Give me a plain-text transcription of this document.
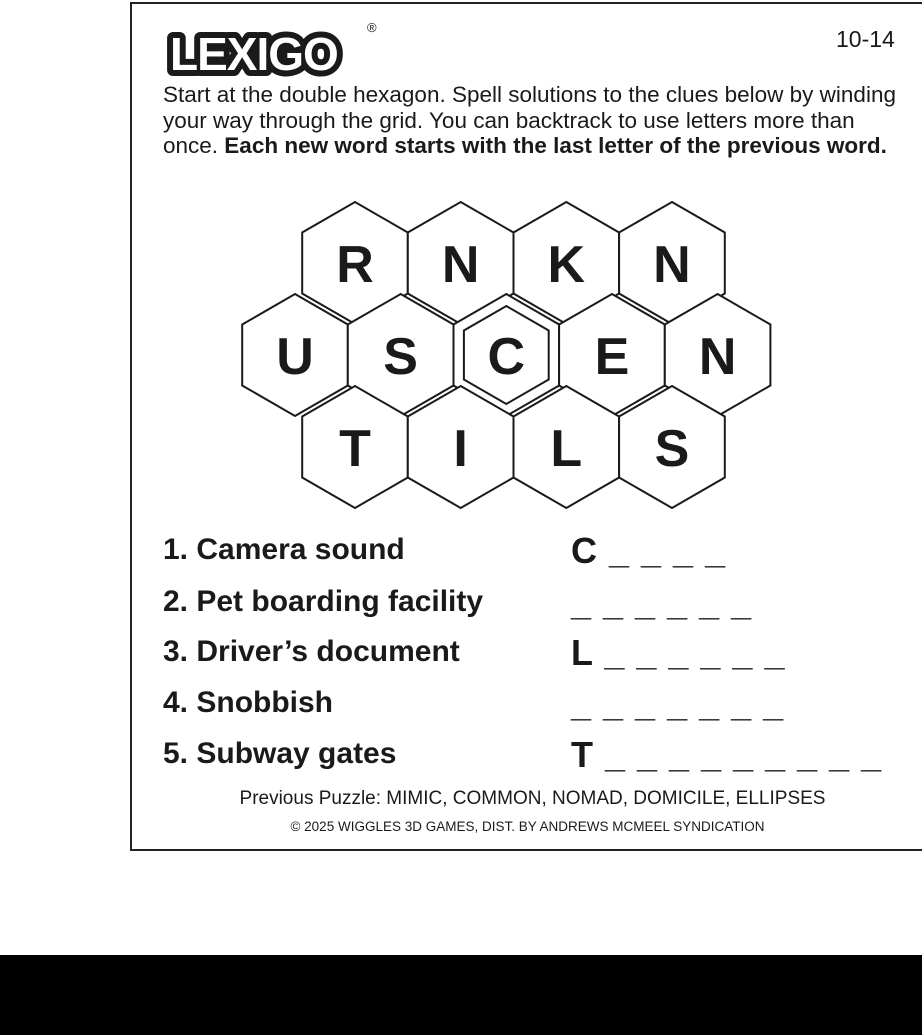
LEXIGO
®	10-14
Start at the double hexagon. Spell solutions to the clues below by winding your way through the grid. You can backtrack to use letters more than once. Each new word starts with the last letter of the previous word.
R N K N
U S C E N
T I L S
1. Camera sound	C _ _ _ _
2. Pet boarding facility _ _ _ _ _ _
3. Driver’s document	L _ _ _ _ _ _
4. Snobbish	_ _ _ _ _ _ _
5. Subway gates	T _ _ _ _ _ _ _ _ _
Previous Puzzle: MIMIC, COMMON, NOMAD, DOMICILE, ELLIPSES
© 2025 WIGGLES 3D GAMES, DIST. BY ANDREWS MCMEEL SYNDICATION
